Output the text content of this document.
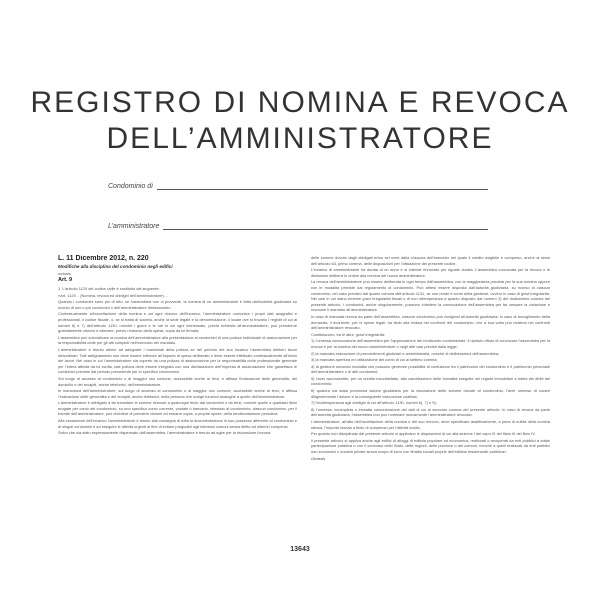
REGISTRO DI NOMINA E REVOCA
DELL’AMMINISTRATORE
Condominio di
L’amministratore
L. 11 Dicembre 2012, n. 220
Modifiche alla disciplina del condominio negli edifici
omissis
Art. 9

1. L’articolo 1129 del codice civile è sostituito dal seguente:

«Art. 1129. - (Nomina, revoca ed obblighi dell’amministratore). -

Quando i condomini sono più di otto, se l’assemblea non vi provvede, la nomina di un amministratore è fatta dall’autorità giudiziaria su ricorso di uno o più condomini o dell’amministratore dimissionario.

Contestualmente all’accettazione della nomina e ad ogni rinnovo dell’incarico, l’amministratore comunica i propri dati anagrafici e professionali, il codice fiscale, o, se si tratta di società, anche la sede legale e la denominazione, il locale ove si trovano i registri di cui ai numeri 6) e 7) dell’articolo 1130, nonché i giorni e le ore in cui ogni interessato, previa richiesta all’amministratore, può prenderne gratuitamente visione e ottenere, previo rimborso della spesa, copia da lui firmata.

L’assemblea può subordinare la nomina dell’amministratore alla presentazione ai condomini di una polizza individuale di assicurazione per la responsabilità civile per gli atti compiuti nell’esercizio del mandato.

L’amministratore è tenuto altresì ad adeguare i massimali della polizza se nel periodo del suo incarico l’assemblea deliberi lavori straordinari. Tale adeguamento non deve essere inferiore all’importo di spesa deliberato e deve essere effettuato contestualmente all’inizio dei lavori. Nel caso in cui l’amministratore sia coperto da una polizza di assicurazione per la responsabilità civile professionale generale per l’intera attività da lui svolta, tale polizza deve essere integrata con una dichiarazione dell’impresa di assicurazione che garantisca le condizioni previste dal periodo precedente per lo specifico condominio.

Sul luogo di accesso al condominio o di maggior uso comune, accessibile anche ai terzi, è affissa l’indicazione delle generalità, del domicilio e dei recapiti, anche telefonici, dell’amministratore.

In mancanza dell’amministratore, sul luogo di accesso al condominio o di maggior uso comune, accessibile anche ai terzi, è affissa l’indicazione delle generalità e dei recapiti, anche telefonici, della persona che svolge funzioni analoghe a quelle dell’amministratore.

L’amministratore è obbligato a far transitare le somme ricevute a qualunque titolo dai condomini o da terzi, nonché quelle a qualsiasi titolo erogate per conto del condominio, su uno specifico conto corrente, postale o bancario, intestato al condominio; ciascun condomino, per il tramite dell’amministratore, può chiedere di prendere visione ed estrarre copia, a proprie spese, della rendicontazione periodica.

Alla cessazione dell’incarico l’amministratore è tenuto alla consegna di tutta la documentazione in suo possesso afferente al condominio e ai singoli condomini e ad eseguire le attività urgenti al fine di evitare pregiudizi agli interessi comuni senza diritto ad ulteriori compensi.

Salvo che sia stato espressamente dispensato dall’assemblea, l’amministratore è tenuto ad agire per la riscossione forzosa

delle somme dovute dagli obbligati entro sei mesi dalla chiusura dell’esercizio nel quale il credito esigibile è compreso, anche ai sensi dell’articolo 63, primo comma, delle disposizioni per l’attuazione del presente codice.

L’incarico di amministratore ha durata di un anno e si intende rinnovato per eguale durata. L’assemblea convocata per la revoca o le dimissioni delibera in ordine alla nomina del nuovo amministratore.

La revoca dell’amministratore può essere deliberata in ogni tempo dall’assemblea, con la maggioranza prevista per la sua nomina oppure con le modalità previste dal regolamento di condominio. Può altresì essere disposta dall’autorità giudiziaria, su ricorso di ciascun condomino, nel caso previsto dal quarto comma dell’articolo 1131, se non rende il conto della gestione, ovvero in caso di gravi irregolarità. Nei casi in cui siano emerse gravi irregolarità fiscali o di non ottemperanza a quanto disposto dal numero 3) del dodicesimo comma del presente articolo, i condomini, anche singolarmente, possono chiedere la convocazione dell’assemblea per far cessare la violazione e revocare il mandato all’amministratore.

In caso di mancata revoca da parte dell’assemblea, ciascun condomino può rivolgersi all’autorità giudiziaria; in caso di accoglimento della domanda, il ricorrente, per le spese legali, ha titolo alla rivalsa nei confronti del condominio, che a sua volta può rivalersi nei confronti dell’amministratore revocato.

Costituiscono, tra le altre, gravi irregolarità:

1) l’omessa convocazione dell’assemblea per l’approvazione del rendiconto condominiale, il ripetuto rifiuto di convocare l’assemblea per la revoca e per la nomina del nuovo amministratore o negli altri casi previsti dalla legge;

2) la mancata esecuzione di provvedimenti giudiziari e amministrativi, nonché di deliberazioni dell’assemblea;

3) la mancata apertura ed utilizzazione del conto di cui al settimo comma;

4) la gestione secondo modalità che possono generare possibilità di confusione tra il patrimonio del condominio e il patrimonio personale dell’amministratore o di altri condomini;

5) l’aver acconsentito, per un credito insoddisfatto, alla cancellazione delle formalità eseguite nei registri immobiliari a tutela dei diritti del condominio;

6) qualora sia stata promossa azione giudiziaria per la riscossione delle somme dovute al condominio, l’aver omesso di curare diligentemente l’azione e la conseguente esecuzione coattiva;

7) l’inottemperanza agli obblighi di cui all’articolo 1130, numeri 6), 7) e 9);

8) l’omessa, incompleta o inesatta comunicazione dei dati di cui al secondo comma del presente articolo. In caso di revoca da parte dell’autorità giudiziaria, l’assemblea non può nominare nuovamente l’amministratore revocato.

L’amministratore, all’atto dell’accettazione della nomina e del suo rinnovo, deve specificare analiticamente, a pena di nullità della nomina stessa, l’importo dovuto a titolo di compenso per l’attività svolta.

Per quanto non disciplinato dal presente articolo si applicano le disposizioni di cui alla sezione I del capo IX del titolo III del libro IV.

Il presente articolo si applica anche agli edifici di alloggi di edilizia popolare ed economica, realizzati o recuperati da enti pubblici a totale partecipazione pubblica o con il concorso dello Stato, delle regioni, delle province o dei comuni, nonché a quelli realizzati da enti pubblici non economici o società private senza scopo di lucro con finalità sociali proprie dell’edilizia residenziale pubblica».

Omissis
13643
